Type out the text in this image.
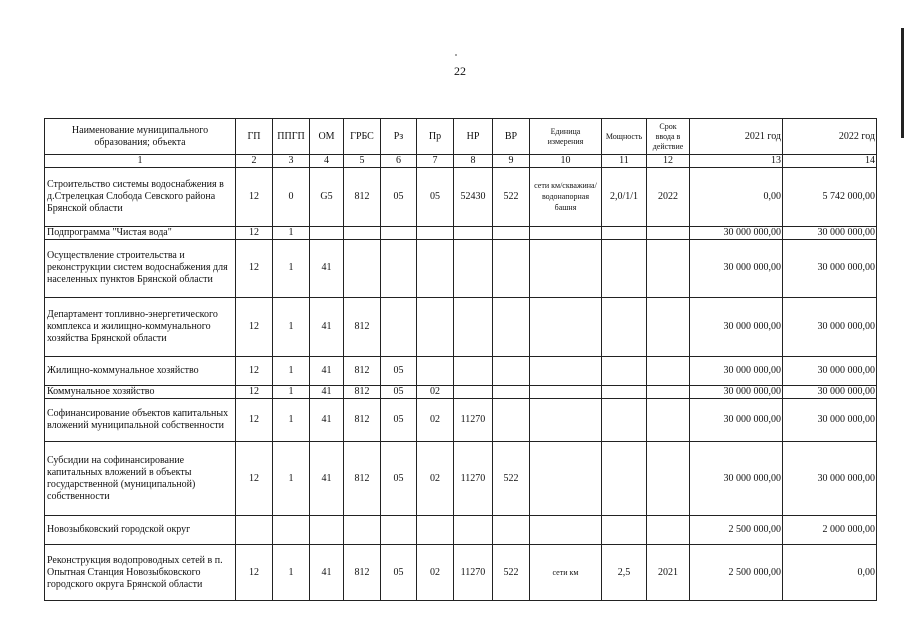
22
Наименование муниципального образования; объекта	ГП	ППГП	ОМ	ГРБС	Рз	Пр	НР	ВР	Единица измерения	Мощность	Срок ввода в действие	2021 год	2022 год
1	2	3	4	5	6	7	8	9	10	11	12	13	14
Строительство системы водоснабжения в д.Стрелецкая Слобода Севского района Брянской области	12	0	G5	812	05	05	52430	522	сети км/скважина/водонапорная башня	2,0/1/1	2022	0,00	5 742 000,00
Подпрограмма "Чистая вода"	12	1										30 000 000,00	30 000 000,00
Осуществление строительства и реконструкции систем водоснабжения для населенных пунктов Брянской области	12	1	41									30 000 000,00	30 000 000,00
Департамент топливно-энергетического комплекса и жилищно-коммунального хозяйства Брянской области	12	1	41	812								30 000 000,00	30 000 000,00
Жилищно-коммунальное хозяйство	12	1	41	812	05							30 000 000,00	30 000 000,00
Коммунальное хозяйство	12	1	41	812	05	02						30 000 000,00	30 000 000,00
Софинансирование объектов капитальных вложений муниципальной собственности	12	1	41	812	05	02	11270					30 000 000,00	30 000 000,00
Субсидии на софинансирование капитальных вложений в объекты государственной (муниципальной) собственности	12	1	41	812	05	02	11270	522				30 000 000,00	30 000 000,00
Новозыбковский городской округ												2 500 000,00	2 000 000,00
Реконструкция водопроводных сетей в п. Опытная Станция Новозыбковского городского округа Брянской области	12	1	41	812	05	02	11270	522	сети км	2,5	2021	2 500 000,00	0,00
